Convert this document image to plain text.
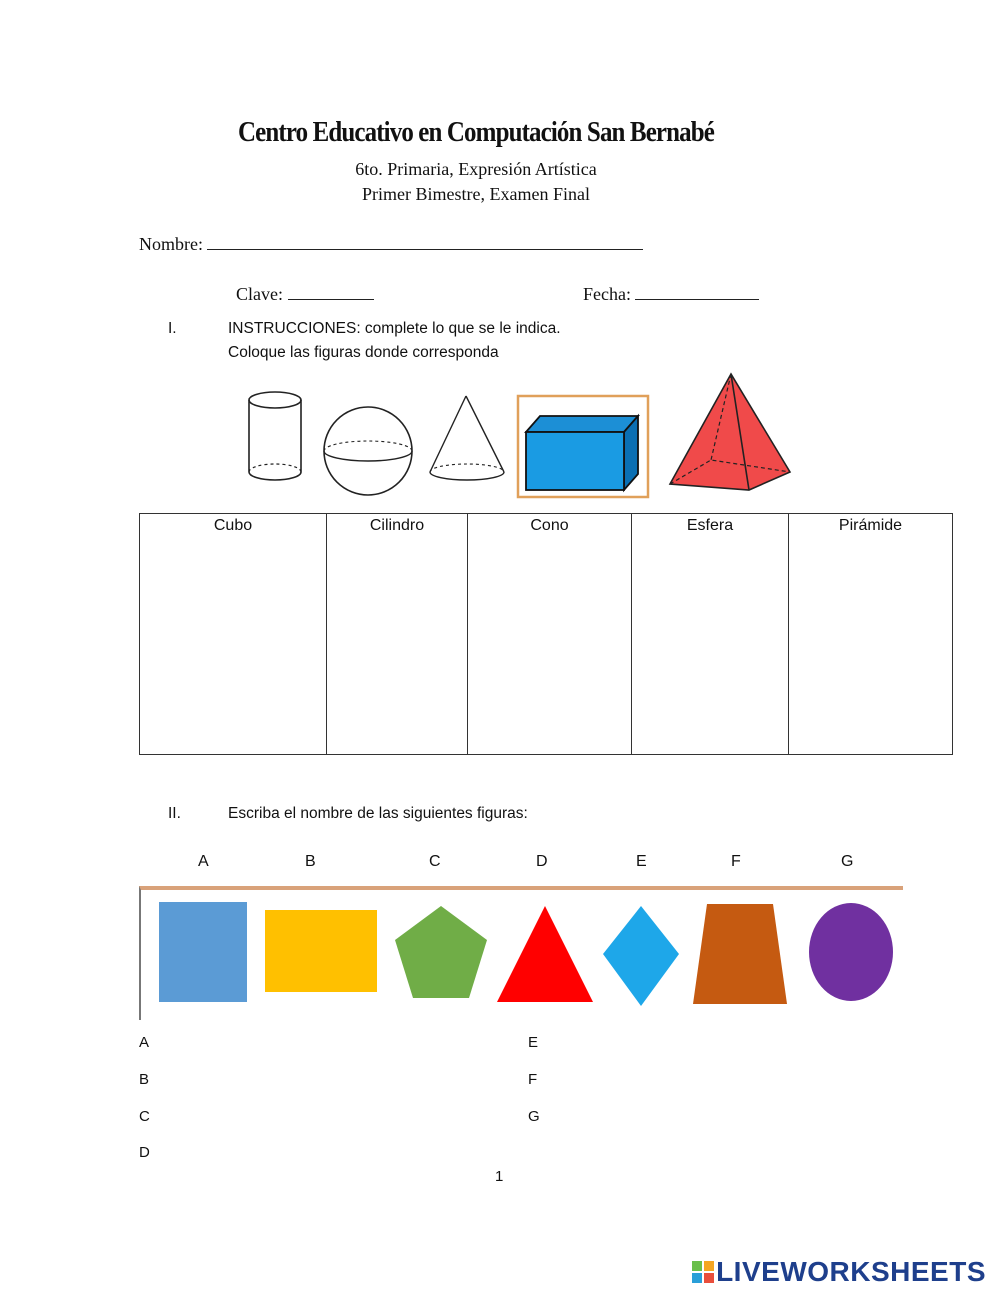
Centro Educativo en Computación San Bernabé
6to. Primaria, Expresión Artística
Primer Bimestre, Examen Final
Nombre:
Clave:	Fecha:
I.	INSTRUCCIONES: complete lo que se le indica.
Coloque las figuras donde corresponda
Cubo	Cilindro	Cono	Esfera	Pirámide
II.	Escriba el nombre de las siguientes figuras:
A	B	C	D	E	F	G
A
B
C
D
E
F
G
1
LIVEWORKSHEETS
